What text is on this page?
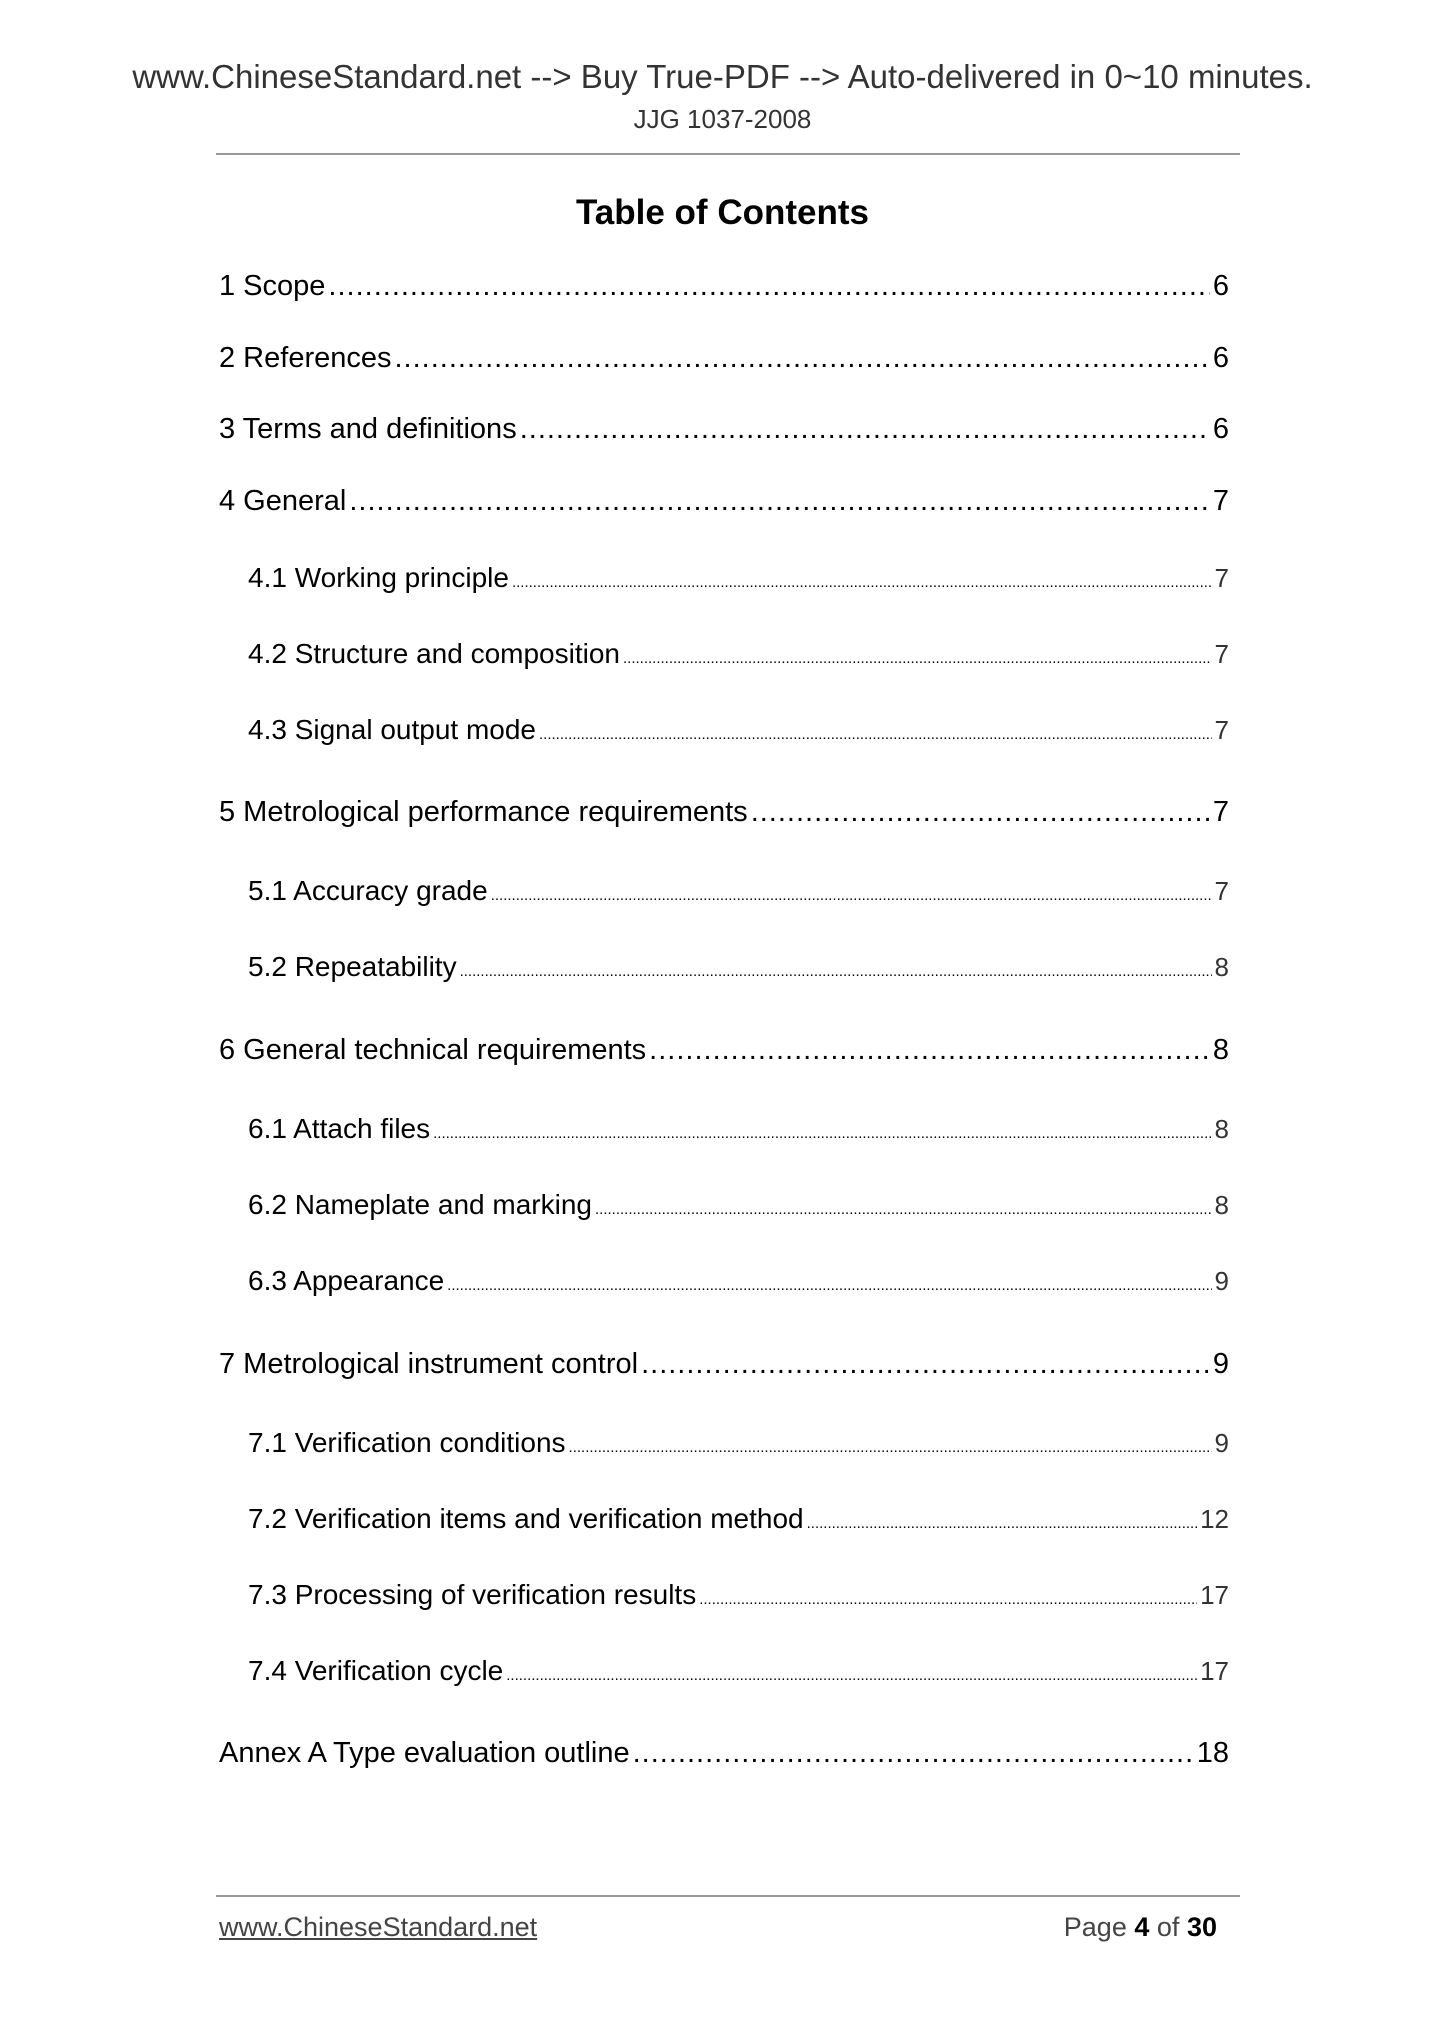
www.ChineseStandard.net --> Buy True-PDF --> Auto-delivered in 0~10 minutes.
JJG 1037-2008
Table of Contents
1 Scope .....	6
2 References .....	6
3 Terms and definitions .....	6
4 General .....	7
4.1 Working principle .....	7
4.2 Structure and composition .....	7
4.3 Signal output mode .....	7
5 Metrological performance requirements .....	7
5.1 Accuracy grade .....	7
5.2 Repeatability .....	8
6 General technical requirements .....	8
6.1 Attach files .....	8
6.2 Nameplate and marking .....	8
6.3 Appearance .....	9
7 Metrological instrument control .....	9
7.1 Verification conditions .....	9
7.2 Verification items and verification method .....	12
7.3 Processing of verification results .....	17
7.4 Verification cycle .....	17
Annex A Type evaluation outline .....	18
www.ChineseStandard.net	Page 4 of 30
